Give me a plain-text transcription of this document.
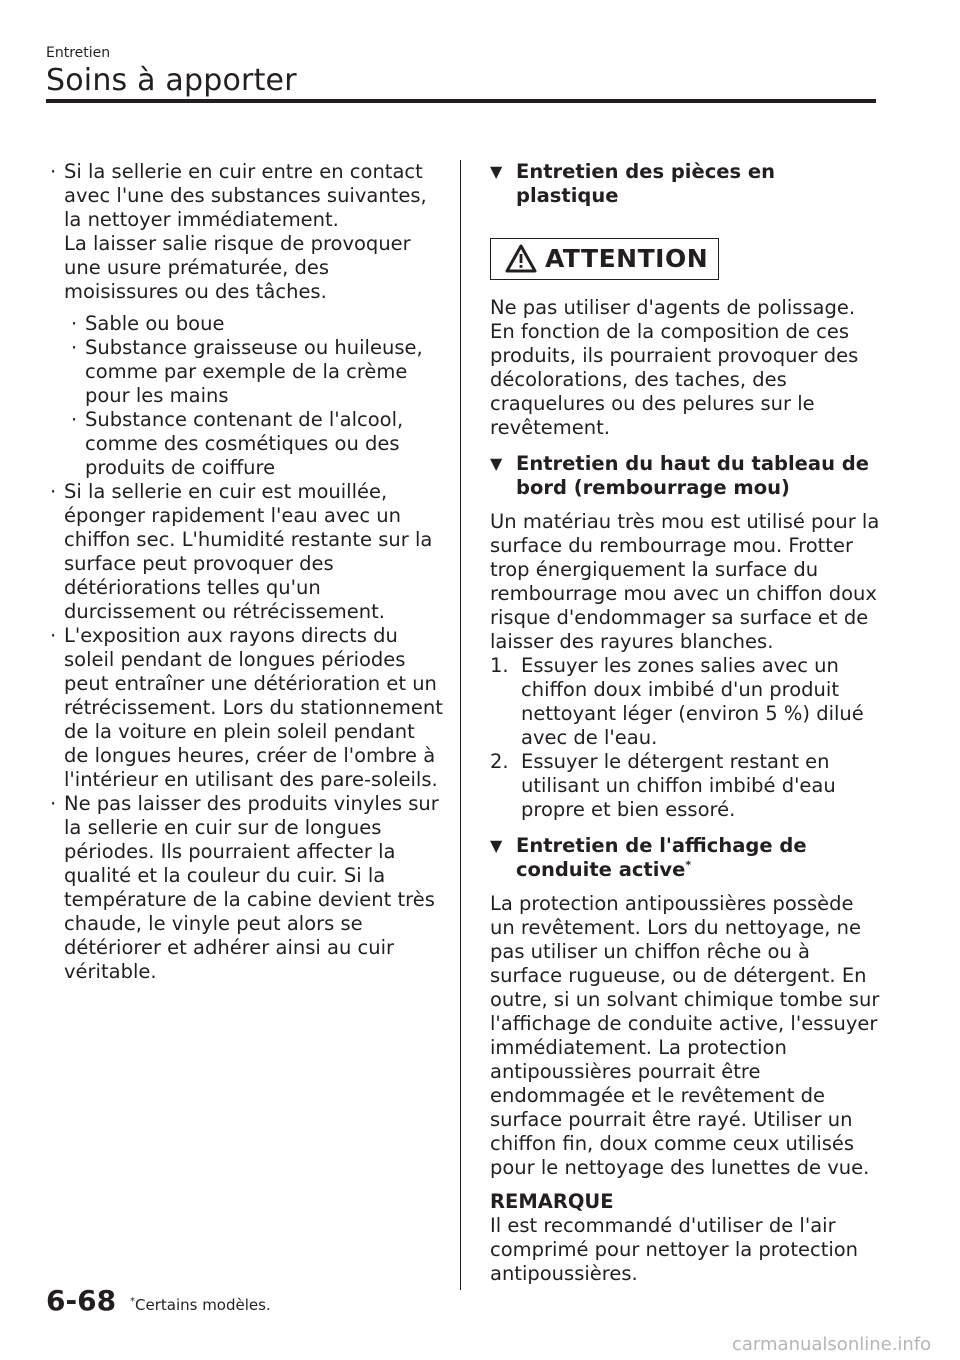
Entretien
Soins à apporter

· Si la sellerie en cuir entre en contact avec l'une des substances suivantes, la nettoyer immédiatement.

La laisser salie risque de provoquer une usure prématurée, des moisissures ou des tâches.

· Sable ou boue
· Substance graisseuse ou huileuse, comme par exemple de la crème pour les mains
· Substance contenant de l'alcool, comme des cosmétiques ou des produits de coiffure
· Si la sellerie en cuir est mouillée, éponger rapidement l'eau avec un chiffon sec. L'humidité restante sur la surface peut provoquer des détériorations telles qu'un durcissement ou rétrécissement.
· L'exposition aux rayons directs du soleil pendant de longues périodes peut entraîner une détérioration et un rétrécissement. Lors du stationnement de la voiture en plein soleil pendant de longues heures, créer de l'ombre à l'intérieur en utilisant des pare-soleils.
· Ne pas laisser des produits vinyles sur la sellerie en cuir sur de longues périodes. Ils pourraient affecter la qualité et la couleur du cuir. Si la température de la cabine devient très chaude, le vinyle peut alors se détériorer et adhérer ainsi au cuir véritable.
▼ Entretien des pièces en plastique
ATTENTION

Ne pas utiliser d'agents de polissage. En fonction de la composition de ces produits, ils pourraient provoquer des décolorations, des taches, des craquelures ou des pelures sur le revêtement.

▼ Entretien du haut du tableau de bord (rembourrage mou)

Un matériau très mou est utilisé pour la surface du rembourrage mou. Frotter trop énergiquement la surface du rembourrage mou avec un chiffon doux risque d'endommager sa surface et de laisser des rayures blanches.

1. Essuyer les zones salies avec un chiffon doux imbibé d'un produit nettoyant léger (environ 5 %) dilué avec de l'eau.
2. Essuyer le détergent restant en utilisant un chiffon imbibé d'eau propre et bien essoré.
▼ Entretien de l'affichage de conduite active*

La protection antipoussières possède un revêtement. Lors du nettoyage, ne pas utiliser un chiffon rêche ou à surface rugueuse, ou de détergent. En outre, si un solvant chimique tombe sur l'affichage de conduite active, l'essuyer immédiatement. La protection antipoussières pourrait être endommagée et le revêtement de surface pourrait être rayé. Utiliser un chiffon fin, doux comme ceux utilisés pour le nettoyage des lunettes de vue.

REMARQUE

Il est recommandé d'utiliser de l'air comprimé pour nettoyer la protection antipoussières.

6-68 *Certains modèles.
carmanualsonline.info
